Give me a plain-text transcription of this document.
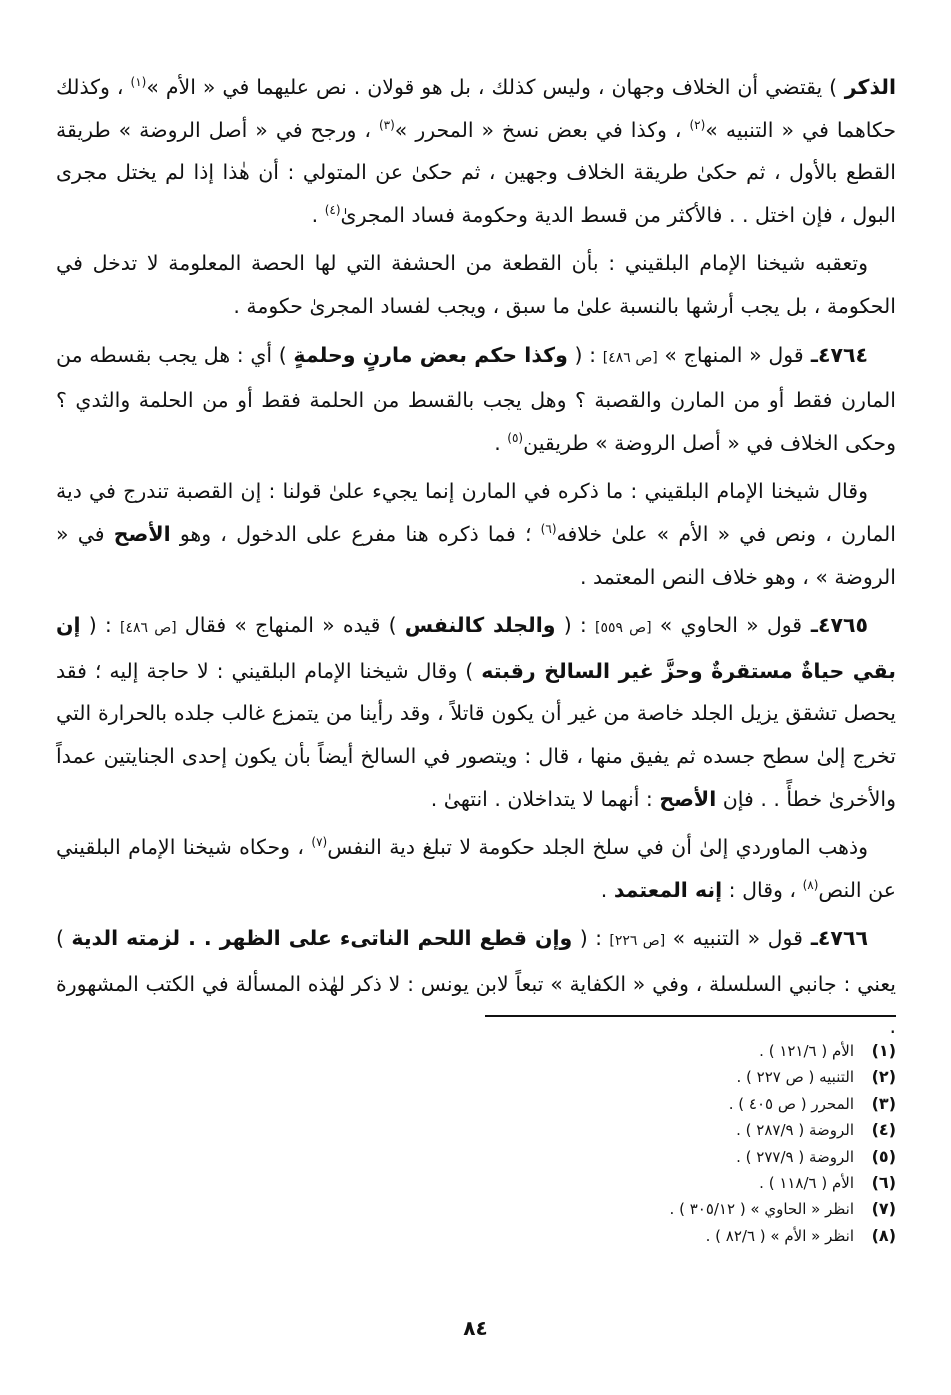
الذكر ) يقتضي أن الخلاف وجهان ، وليس كذلك ، بل هو قولان . نص عليهما في « الأم »$^{(١)}$ ، وكذلك حكاهما في « التنبيه »$^{(٢)}$ ، وكذا في بعض نسخ « المحرر »$^{(٣)}$ ، ورجح في « أصل الروضة » طريقة القطع بالأول ، ثم حكىٰ طريقة الخلاف وجهين ، ثم حكىٰ عن المتولي : أن هٰذا إذا لم يختل مجرى البول ، فإن اختل . . فالأكثر من قسط الدية وحكومة فساد المجرىٰ$^{(٤)}$ .

وتعقبه شيخنا الإمام البلقيني : بأن القطعة من الحشفة التي لها الحصة المعلومة لا تدخل في الحكومة ، بل يجب أرشها بالنسبة علىٰ ما سبق ، ويجب لفساد المجرىٰ حكومة .

٤٧٦٤ـ قول « المنهاج » [ص ٤٨٦] : ( وكذا حكم بعض مارنٍ وحلمةٍ ) أي : هل يجب بقسطه من المارن فقط أو من المارن والقصبة ؟ وهل يجب بالقسط من الحلمة فقط أو من الحلمة والثدي ؟ وحكى الخلاف في « أصل الروضة » طريقين$^{(٥)}$ .

وقال شيخنا الإمام البلقيني : ما ذكره في المارن إنما يجيء علىٰ قولنا : إن القصبة تندرج في دية المارن ، ونص في « الأم » علىٰ خلافه$^{(٦)}$ ؛ فما ذكره هنا مفرع على الدخول ، وهو الأصح في « الروضة » ، وهو خلاف النص المعتمد .

٤٧٦٥ـ قول « الحاوي » [ص ٥٥٩] : ( والجلد كالنفس ) قيده « المنهاج » فقال [ص ٤٨٦] : ( إن بقي حياةٌ مستقرةٌ وحزَّ غير السالخ رقبته ) وقال شيخنا الإمام البلقيني : لا حاجة إليه ؛ فقد يحصل تشقق يزيل الجلد خاصة من غير أن يكون قاتلاً ، وقد رأينا من يتمزع غالب جلده بالحرارة التي تخرج إلىٰ سطح جسده ثم يفيق منها ، قال : ويتصور في السالخ أيضاً بأن يكون إحدى الجنايتين عمداً والأخرىٰ خطأً . . فإن الأصح : أنهما لا يتداخلان . انتهىٰ .

وذهب الماوردي إلىٰ أن في سلخ الجلد حكومة لا تبلغ دية النفس$^{(٧)}$ ، وحكاه شيخنا الإمام البلقيني عن النص$^{(٨)}$ ، وقال : إنه المعتمد .

٤٧٦٦ـ قول « التنبيه » [ص ٢٢٦] : ( وإن قطع اللحم الناتىء على الظهر . . لزمته الدية ) يعني : جانبي السلسلة ، وفي « الكفاية » تبعاً لابن يونس : لا ذكر لهٰذه المسألة في الكتب المشهورة .

(١)الأم ( ١٢١/٦ ) .
(٢)التنبيه ( ص ٢٢٧ ) .
(٣)المحرر ( ص ٤٠٥ ) .
(٤)الروضة ( ٢٨٧/٩ ) .
(٥)الروضة ( ٢٧٧/٩ ) .
(٦)الأم ( ١١٨/٦ ) .
(٧)انظر « الحاوي » ( ٣٠٥/١٢ ) .
(٨)انظر « الأم » ( ٨٢/٦ ) .
٨٤
